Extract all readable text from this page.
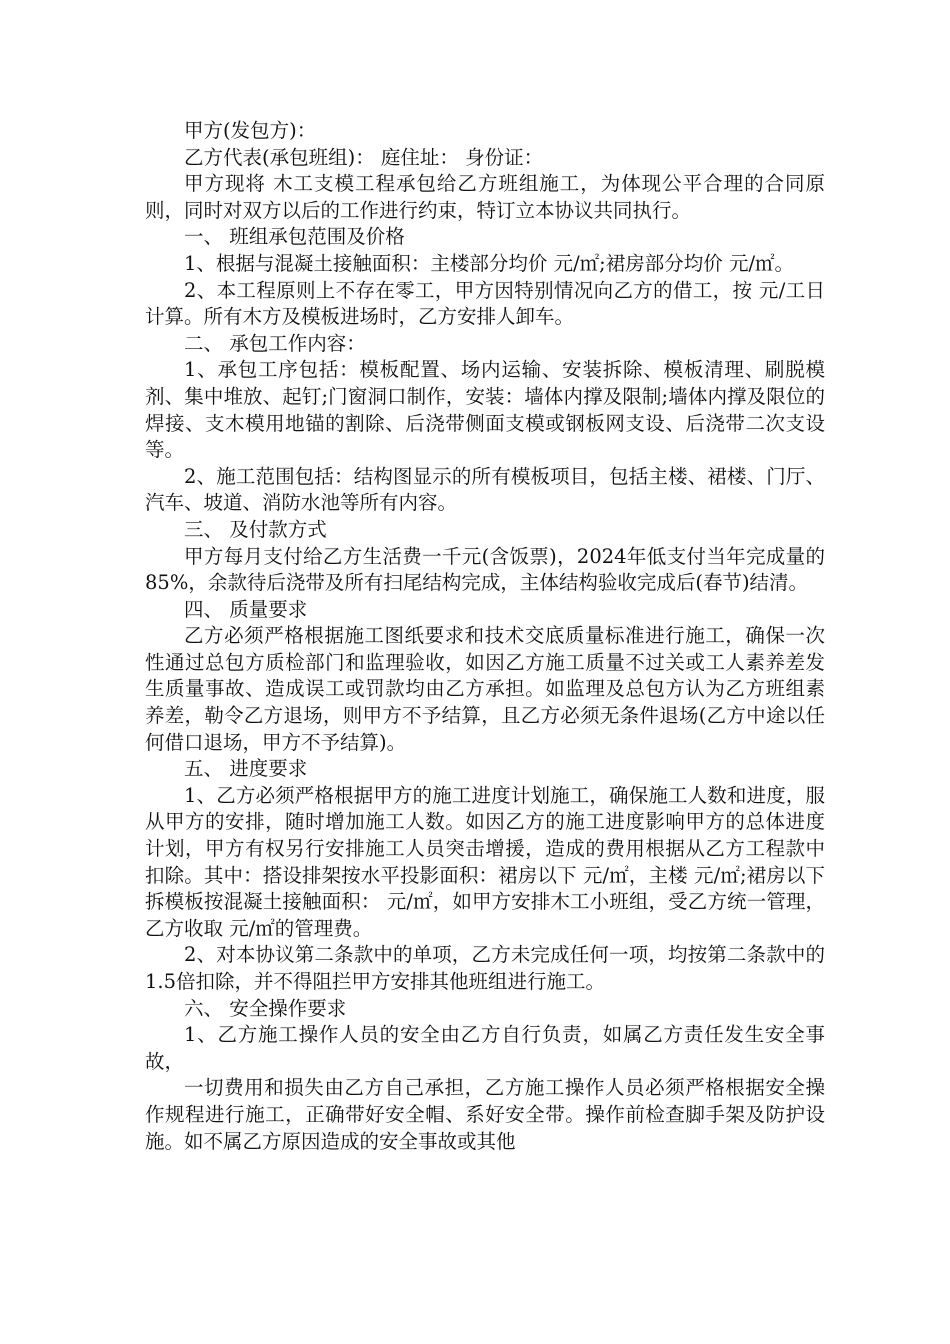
甲方(发包方)：

乙方代表(承包班组)： 庭住址： 身份证：

甲方现将 木工支模工程承包给乙方班组施工，为体现公平合理的合同原则，同时对双方以后的工作进行约束，特订立本协议共同执行。

一、 班组承包范围及价格

1、根据与混凝土接触面积：主楼部分均价 元/㎡;裙房部分均价 元/㎡。

2、本工程原则上不存在零工，甲方因特别情况向乙方的借工，按 元/工日计算。所有木方及模板进场时，乙方安排人卸车。

二、 承包工作内容：

1、承包工序包括：模板配置、场内运输、安装拆除、模板清理、刷脱模剂、集中堆放、起钉;门窗洞口制作，安装：墙体内撑及限制;墙体内撑及限位的焊接、支木模用地锚的割除、后浇带侧面支模或钢板网支设、后浇带二次支设等。

2、施工范围包括：结构图显示的所有模板项目，包括主楼、裙楼、门厅、汽车、坡道、消防水池等所有内容。

三、 及付款方式

甲方每月支付给乙方生活费一千元(含饭票)，2024年低支付当年完成量的85%，余款待后浇带及所有扫尾结构完成，主体结构验收完成后(春节)结清。

四、 质量要求

乙方必须严格根据施工图纸要求和技术交底质量标准进行施工，确保一次性通过总包方质检部门和监理验收，如因乙方施工质量不过关或工人素养差发生质量事故、造成误工或罚款均由乙方承担。如监理及总包方认为乙方班组素养差，勒令乙方退场，则甲方不予结算，且乙方必须无条件退场(乙方中途以任何借口退场，甲方不予结算)。

五、 进度要求

1、乙方必须严格根据甲方的施工进度计划施工，确保施工人数和进度，服从甲方的安排，随时增加施工人数。如因乙方的施工进度影响甲方的总体进度计划，甲方有权另行安排施工人员突击增援，造成的费用根据从乙方工程款中扣除。其中：搭设排架按水平投影面积：裙房以下 元/㎡，主楼 元/㎡;裙房以下拆模板按混凝土接触面积： 元/㎡，如甲方安排木工小班组，受乙方统一管理，乙方收取 元/㎡的管理费。

2、对本协议第二条款中的单项，乙方未完成任何一项，均按第二条款中的1.5倍扣除，并不得阻拦甲方安排其他班组进行施工。

六、 安全操作要求

1、乙方施工操作人员的安全由乙方自行负责，如属乙方责任发生安全事故，

一切费用和损失由乙方自己承担，乙方施工操作人员必须严格根据安全操作规程进行施工，正确带好安全帽、系好安全带。操作前检查脚手架及防护设施。如不属乙方原因造成的安全事故或其他
